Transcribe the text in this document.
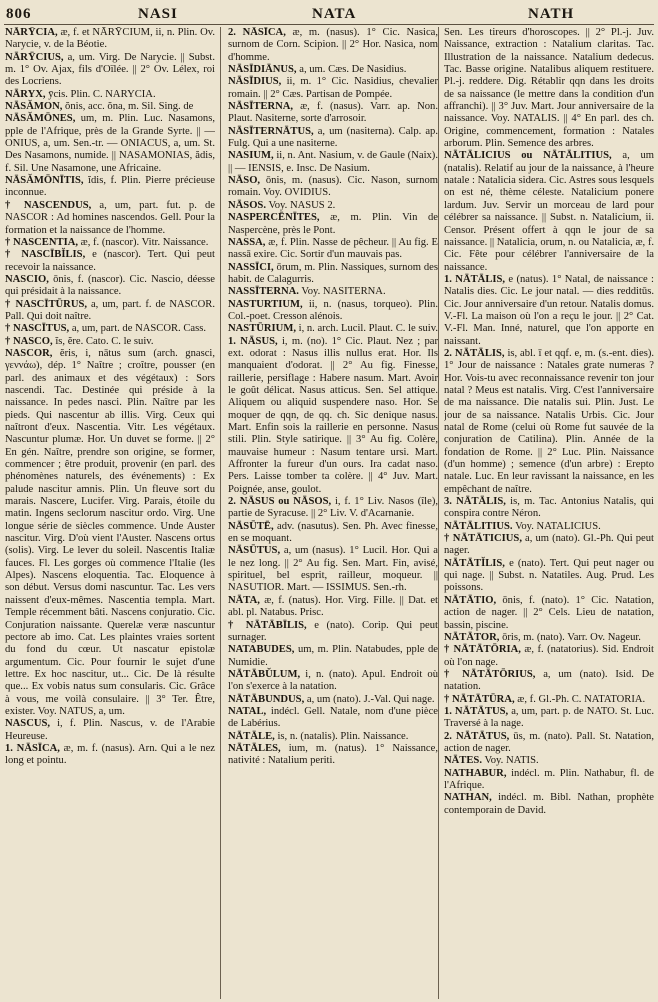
806	NASI	NATA	NATH

NĀRȲCIA, æ, f. et NĀRȲCIUM, ii, n. Plin. Ov. Narycie, v. de la Béotie.

NĀRȲCIUS, a, um. Virg. De Narycie. || Subst. m. 1° Ov. Ajax, fils d'Oïlée. || 2° Ov. Lélex, roi des Locriens.

NĀRYX, ȳcis. Plin. C. NARYCIA.

NĀSĂMON, ŏnis, acc. ŏna, m. Sil. Sing. de

NĀSĂMŌNES, um, m. Plin. Luc. Nasamons, pple de l'Afrique, près de la Grande Syrte. || — ONIUS, a, um. Sen.-tr. — ONIACUS, a, um. St. Des Nasamons, numide. || NASAMONIAS, ădis, f. Sil. Une Nasamone, une Africaine.

NĀSĂMŌNĪTIS, ĭdis, f. Plin. Pierre précieuse inconnue.

† NASCENDUS, a, um, part. fut. p. de NASCOR : Ad homines nascendos. Gell. Pour la formation et la naissance de l'homme.

† NASCENTIA, æ, f. (nascor). Vitr. Naissance.

† NASCĪBĬLIS, e (nascor). Tert. Qui peut recevoir la naissance.

NASCIO, ōnis, f. (nascor). Cic. Nascio, déesse qui présidait à la naissance.

† NASCĪTŪRUS, a, um, part. f. de NASCOR. Pall. Qui doit naître.

† NASCĪTUS, a, um, part. de NASCOR. Cass.

† NASCO, ĭs, ĕre. Cato. C. le suiv.

NASCOR, ĕris, i, nātus sum (arch. gnasci, γεννάω), dép. 1° Naître ; croître, pousser (en parl. des animaux et des végétaux) : Sors nascendi. Tac. Destinée qui préside à la naissance. In pedes nasci. Plin. Naître par les pieds. Qui nascentur ab illis. Virg. Ceux qui naîtront d'eux. Nascentia. Vitr. Les végétaux. Nascuntur plumæ. Hor. Un duvet se forme. || 2° En gén. Naître, prendre son origine, se former, commencer ; être produit, provenir (en parl. des phénomènes naturels, des événements) : Ex palude nascitur amnis. Plin. Un fleuve sort du marais. Nascere, Lucifer. Virg. Parais, étoile du matin. Ingens seclorum nascitur ordo. Virg. Une longue série de siècles commence. Unde Auster nascitur. Virg. D'où vient l'Auster. Nascens ortus (solis). Virg. Le lever du soleil. Nascentis Italiæ fauces. Fl. Les gorges où commence l'Italie (les Alpes). Nascens eloquentia. Tac. Eloquence à son début. Versus domi nascuntur. Tac. Les vers naissent d'eux-mêmes. Nascentia templa. Mart. Temple récemment bâti. Nascens conjuratio. Cic. Conjuration naissante. Querelæ veræ nascuntur pectore ab imo. Cat. Les plaintes vraies sortent du fond du cœur. Ut nascatur epistolæ argumentum. Cic. Pour fournir le sujet d'une lettre. Ex hoc nascitur, ut... Cic. De là résulte que... Ex vobis natus sum consularis. Cic. Grâce à vous, me voilà consulaire. || 3° Ter. Être, exister. Voy. NATUS, a, um.

NASCUS, i, f. Plin. Nascus, v. de l'Arabie Heureuse.

1. NĀSĪCA, æ, m. f. (nasus). Arn. Qui a le nez long et pointu.

2. NĀSĪCA, æ, m. (nasus). 1° Cic. Nasica, surnom de Corn. Scipion. || 2° Hor. Nasica, nom d'homme.

NĀSĪDIĀNUS, a, um. Cæs. De Nasidius.

NĀSĪDIUS, ii, m. 1° Cic. Nasidius, chevalier romain. || 2° Cæs. Partisan de Pompée.

NĀSĪTERNA, æ, f. (nasus). Varr. ap. Non. Plaut. Nasiterne, sorte d'arrosoir.

NĀSĪTERNĀTUS, a, um (nasiterna). Calp. ap. Fulg. Qui a une nasiterne.

NASIUM, ii, n. Ant. Nasium, v. de Gaule (Naix). || — IENSIS, e. Insc. De Nasium.

NĀSO, ōnis, m. (nasus). Cic. Nason, surnom romain. Voy. OVIDIUS.

NĀSOS. Voy. NASUS 2.

NASPERCĒNĪTES, æ, m. Plin. Vin de Naspercène, près le Pont.

NASSA, æ, f. Plin. Nasse de pêcheur. || Au fig. E nassā exire. Cic. Sortir d'un mauvais pas.

NASSĪCI, ōrum, m. Plin. Nassiques, surnom des habit. de Calagurris.

NASSĪTERNA. Voy. NASITERNA.

NASTURTIUM, ii, n. (nasus, torqueo). Plin. Col.-poet. Cresson alénois.

NASTŪRIUM, i, n. arch. Lucil. Plaut. C. le suiv.

1. NĀSUS, i, m. (no). 1° Cic. Plaut. Nez ; par ext. odorat : Nasus illis nullus erat. Hor. Ils manquaient d'odorat. || 2° Au fig. Finesse, raillerie, persiflage : Habere nasum. Mart. Avoir le goût délicat. Nasus atticus. Sen. Sel attique. Aliquem ou aliquid suspendere naso. Hor. Se moquer de qqn, de qq. ch. Sic denique nasus. Mart. Enfin sois la raillerie en personne. Nasus stili. Plin. Style satirique. || 3° Au fig. Colère, mauvaise humeur : Nasum tentare ursi. Mart. Affronter la fureur d'un ours. Ira cadat naso. Pers. Laisse tomber ta colère. || 4° Juv. Mart. Poignée, anse, goulot.

2. NĀSUS ou NĀSOS, i, f. 1° Liv. Nasos (île), partie de Syracuse. || 2° Liv. V. d'Acarnanie.

NĀSŪTĒ, adv. (nasutus). Sen. Ph. Avec finesse, en se moquant.

NĀSŪTUS, a, um (nasus). 1° Lucil. Hor. Qui a le nez long. || 2° Au fig. Sen. Mart. Fin, avisé, spirituel, bel esprit, railleur, moqueur. || NASUTIOR. Mart. — ISSIMUS. Sen.-rh.

NĀTA, æ, f. (natus). Hor. Virg. Fille. || Dat. et abl. pl. Natabus. Prisc.

† NĀTĀBĪLIS, e (nato). Corip. Qui peut surnager.

NATABUDES, um, m. Plin. Natabudes, pple de Numidie.

NĀTĀBŬLUM, i, n. (nato). Apul. Endroit où l'on s'exerce à la natation.

NĀTĀBUNDUS, a, um (nato). J.-Val. Qui nage.

NATAL, indécl. Gell. Natale, nom d'une pièce de Labérius.

NĀTĀLE, is, n. (natalis). Plin. Naissance.

NĀTĀLES, ium, m. (natus). 1° Naissance, nativité : Natalium periti.

Sen. Les tireurs d'horoscopes. || 2° Pl.-j. Juv. Naissance, extraction : Natalium claritas. Tac. Illustration de la naissance. Natalium dedecus. Tac. Basse origine. Natalibus aliquem restituere. Pl.-j. reddere. Dig. Rétablir qqn dans les droits de sa naissance (le mettre dans la condition d'un affranchi). || 3° Juv. Mart. Jour anniversaire de la naissance. Voy. NATALIS. || 4° En parl. des ch. Origine, commencement, formation : Natales arborum. Plin. Semence des arbres.

NĀTĀLICIUS ou NĀTĀLITIUS, a, um (natalis). Relatif au jour de la naissance, à l'heure natale : Natalicia sidera. Cic. Astres sous lesquels on est né, thème céleste. Natalicium ponere lardum. Juv. Servir un morceau de lard pour célébrer sa naissance. || Subst. n. Natalicium, ii. Censor. Présent offert à qqn le jour de sa naissance. || Natalicia, orum, n. ou Natalicia, æ, f. Cic. Fête pour célébrer l'anniversaire de la naissance.

1. NĀTĀLIS, e (natus). 1° Natal, de naissance : Natalis dies. Cic. Le jour natal. — dies redditūs. Cic. Jour anniversaire d'un retour. Natalis domus. V.-Fl. La maison où l'on a reçu le jour. || 2° Cat. V.-Fl. Man. Inné, naturel, que l'on apporte en naissant.

2. NĀTĀLIS, is, abl. ī et qqf. e, m. (s.-ent. dies). 1° Jour de naissance : Natales grate numeras ? Hor. Vois-tu avec reconnaissance revenir ton jour natal ? Meus est natalis. Virg. C'est l'anniversaire de ma naissance. Die natalis sui. Plin. Just. Le jour de sa naissance. Natalis Urbis. Cic. Jour natal de Rome (celui où Rome fut sauvée de la conjuration de Catilina). Plin. Année de la fondation de Rome. || 2° Luc. Plin. Naissance (d'un homme) ; semence (d'un arbre) : Erepto natale. Luc. En leur ravissant la naissance, en les empêchant de naître.

3. NĀTĀLIS, is, m. Tac. Antonius Natalis, qui conspira contre Néron.

NĀTĀLITIUS. Voy. NATALICIUS.

† NĀTĀTICIUS, a, um (nato). Gl.-Ph. Qui peut nager.

NĀTĀTĬLIS, e (nato). Tert. Qui peut nager ou qui nage. || Subst. n. Natatiles. Aug. Prud. Les poissons.

NĀTĀTIO, ōnis, f. (nato). 1° Cic. Natation, action de nager. || 2° Cels. Lieu de natation, bassin, piscine.

NĀTĀTOR, ōris, m. (nato). Varr. Ov. Nageur.

† NĀTĀTŌRIA, æ, f. (natatorius). Sid. Endroit où l'on nage.

† NĀTĀTŌRIUS, a, um (nato). Isid. De natation.

† NĀTĀTŪRA, æ, f. Gl.-Ph. C. NATATORIA.

1. NĀTĀTUS, a, um, part. p. de NATO. St. Luc. Traversé à la nage.

2. NĀTĀTUS, ūs, m. (nato). Pall. St. Natation, action de nager.

NĀTES. Voy. NATIS.

NATHABUR, indécl. m. Plin. Nathabur, fl. de l'Afrique.

NATHAN, indécl. m. Bibl. Nathan, prophète contemporain de David.
